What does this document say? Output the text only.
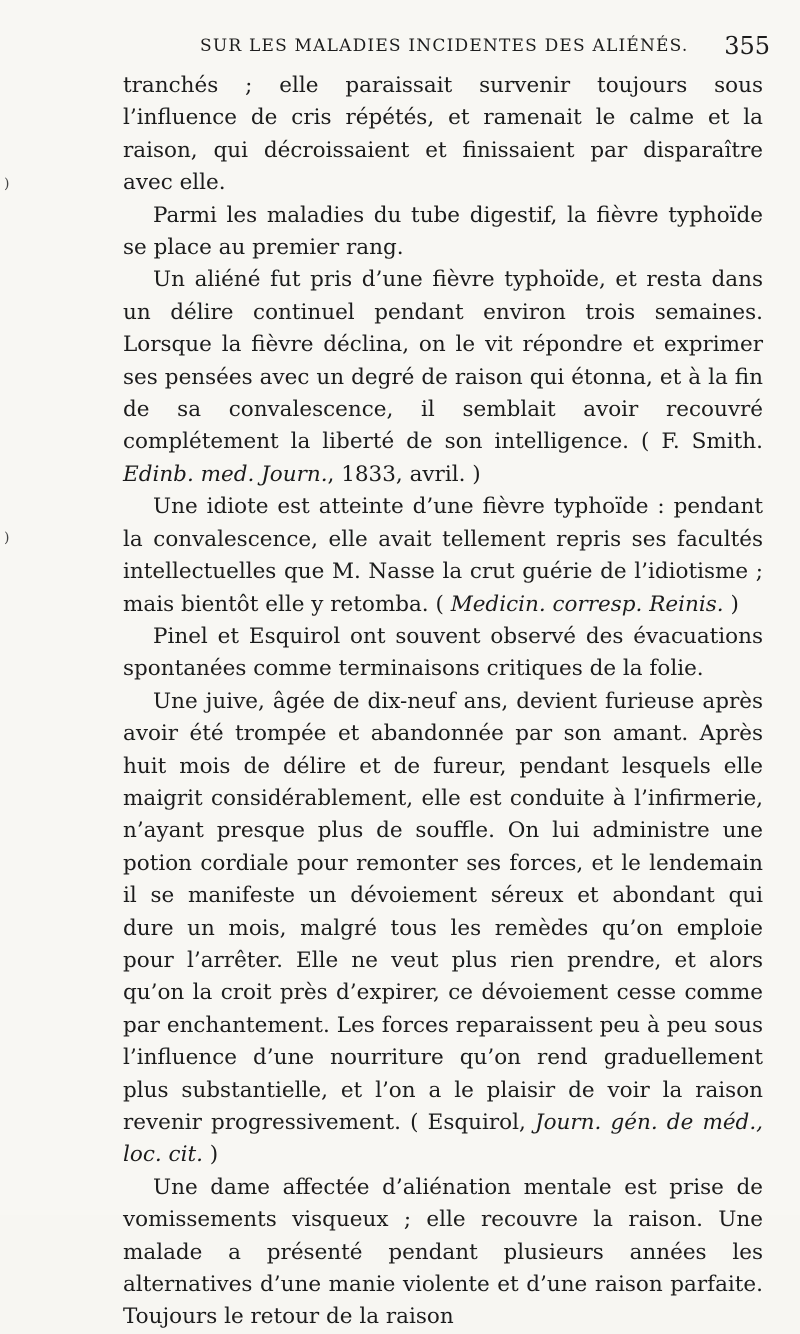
SUR LES MALADIES INCIDENTES DES ALIÉNÉS. 355

tranchés ; elle paraissait survenir toujours sous l’influence de cris répétés, et ramenait le calme et la raison, qui décroissaient et finissaient par disparaître avec elle.

Parmi les maladies du tube digestif, la fièvre typhoïde se place au premier rang.

Un aliéné fut pris d’une fièvre typhoïde, et resta dans un délire continuel pendant environ trois semaines. Lorsque la fièvre déclina, on le vit répondre et exprimer ses pensées avec un degré de raison qui étonna, et à la fin de sa convalescence, il semblait avoir recouvré complétement la liberté de son intelligence. ( F. Smith. Edinb. med. Journ., 1833, avril. )

Une idiote est atteinte d’une fièvre typhoïde : pendant la convalescence, elle avait tellement repris ses facultés intellectuelles que M. Nasse la crut guérie de l’idiotisme ; mais bientôt elle y retomba. ( Medicin. corresp. Reinis. )

Pinel et Esquirol ont souvent observé des évacuations spontanées comme terminaisons critiques de la folie.

Une juive, âgée de dix-neuf ans, devient furieuse après avoir été trompée et abandonnée par son amant. Après huit mois de délire et de fureur, pendant lesquels elle maigrit considérablement, elle est conduite à l’infirmerie, n’ayant presque plus de souffle. On lui administre une potion cordiale pour remonter ses forces, et le lendemain il se manifeste un dévoiement séreux et abondant qui dure un mois, malgré tous les remèdes qu’on emploie pour l’arrêter. Elle ne veut plus rien prendre, et alors qu’on la croit près d’expirer, ce dévoiement cesse comme par enchantement. Les forces reparaissent peu à peu sous l’influence d’une nourriture qu’on rend graduellement plus substantielle, et l’on a le plaisir de voir la raison revenir progressivement. ( Esquirol, Journ. gén. de méd., loc. cit. )

Une dame affectée d’aliénation mentale est prise de vomissements visqueux ; elle recouvre la raison. Une malade a présenté pendant plusieurs années les alternatives d’une manie violente et d’une raison parfaite. Toujours le retour de la raison

)
)
